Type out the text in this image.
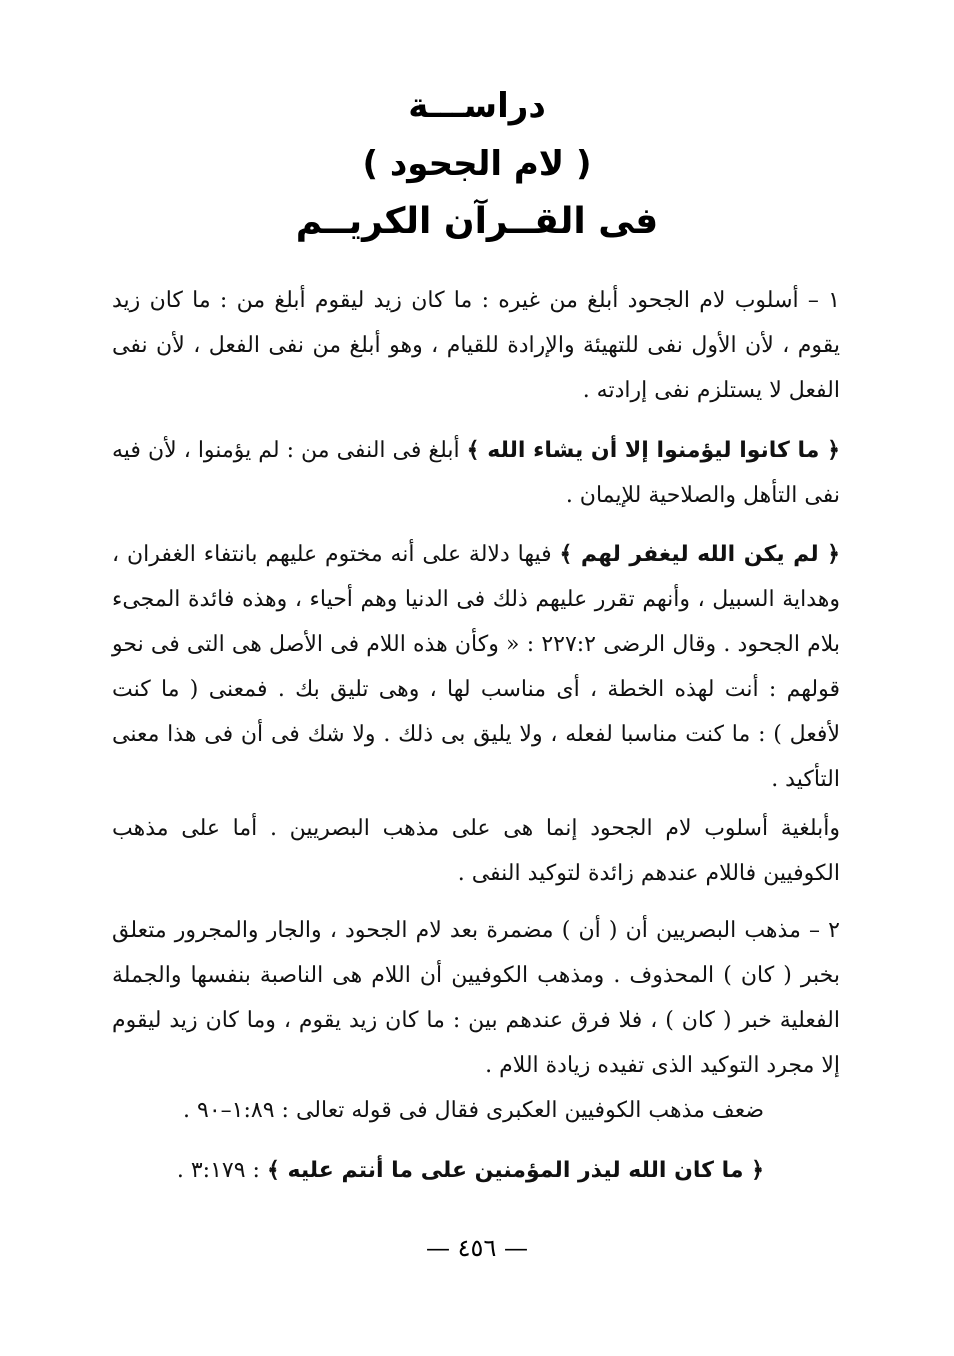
دراســـة
( لام الجحود )
فى القــرآن الكريــم
١ – أسلوب لام الجحود أبلغ من غيره : ما كان زيد ليقوم أبلغ من : ما كان زيد يقوم ، لأن الأول نفى للتهيئة والإرادة للقيام ، وهو أبلغ من نفى الفعل ، لأن نفى الفعل لا يستلزم نفى إرادته .
﴿ ما كانوا ليؤمنوا إلا أن يشاء الله ﴾ أبلغ فى النفى من : لم يؤمنوا ، لأن فيه نفى التأهل والصلاحية للإيمان .
﴿ لم يكن الله ليغفر لهم ﴾ فيها دلالة على أنه مختوم عليهم بانتفاء الغفران ، وهداية السبيل ، وأنهم تقرر عليهم ذلك فى الدنيا وهم أحياء ، وهذه فائدة المجىء بلام الجحود . وقال الرضى ٢٢٧:٢ : « وكأن هذه اللام فى الأصل هى التى فى نحو قولهم : أنت لهذه الخطة ، أى مناسب لها ، وهى تليق بك . فمعنى ( ما كنت لأفعل ) : ما كنت مناسبا لفعله ، ولا يليق بى ذلك . ولا شك فى أن فى هذا معنى التأكيد .
وأبلغية أسلوب لام الجحود إنما هى على مذهب البصريين . أما على مذهب الكوفيين فاللام عندهم زائدة لتوكيد النفى .
٢ – مذهب البصريين أن ( أن ) مضمرة بعد لام الجحود ، والجار والمجرور متعلق بخبر ( كان ) المحذوف . ومذهب الكوفيين أن اللام هى الناصبة بنفسها والجملة الفعلية خبر ( كان ) ، فلا فرق عندهم بين : ما كان زيد يقوم ، وما كان زيد ليقوم إلا مجرد التوكيد الذى تفيده زيادة اللام .
ضعف مذهب الكوفيين العكبرى فقال فى قوله تعالى : ١:٨٩–٩٠ .
﴿ ما كان الله ليذر المؤمنين على ما أنتم عليه ﴾ : ٣:١٧٩ .
— ٤٥٦ —
